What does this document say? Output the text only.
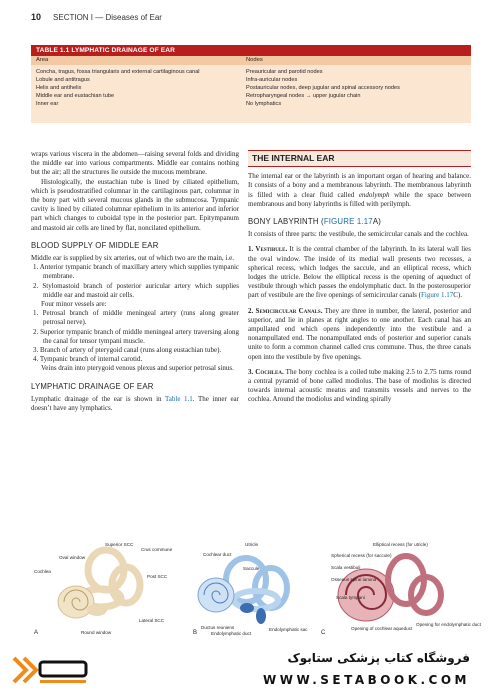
10 SECTION I — Diseases of Ear
TABLE 1.1 LYMPHATIC DRAINAGE OF EAR
Area	Nodes
Concha, tragus, fossa triangularis and external cartilaginous canal	Preauricular and parotid nodes
Lobule and antitragus	Infra-auricular nodes
Helix and antihelix	Postauricular nodes, deep jugular and spinal accessory nodes
Middle ear and eustachian tube	Retropharyngeal nodes → upper jugular chain
Inner ear	No lymphatics

wraps various viscera in the abdomen—raising several folds and dividing the middle ear into various compartments. Middle ear contains nothing but the air; all the structures lie outside the mucous membrane.

Histologically, the eustachian tube is lined by ciliated epithelium, which is pseudostratified columnar in the cartilaginous part, columnar in the bony part with several mucous glands in the submucosa. Tympanic cavity is lined by ciliated columnar epithelium in its anterior and inferior part which changes to cuboidal type in the posterior part. Epitympanum and mastoid air cells are lined by flat, noncilated epithelium.

BLOOD SUPPLY OF MIDDLE EAR

Middle ear is supplied by six arteries, out of which two are the main, i.e.

1. Anterior tympanic branch of maxillary artery which supplies tympanic membrane.

2. Stylomastoid branch of posterior auricular artery which supplies middle ear and mastoid air cells.

Four minor vessels are:

1. Petrosal branch of middle meningeal artery (runs along greater petrosal nerve).

2. Superior tympanic branch of middle meningeal artery traversing along the canal for tensor tympani muscle.

3. Branch of artery of pterygoid canal (runs along eustachian tube).

4. Tympanic branch of internal carotid.

Veins drain into pterygoid venous plexus and superior petrosal sinus.

LYMPHATIC DRAINAGE OF EAR

Lymphatic drainage of the ear is shown in Table 1.1. The inner ear doesn’t have any lymphatics.

THE INTERNAL EAR

The internal ear or the labyrinth is an important organ of hearing and balance. It consists of a bony and a membranous labyrinth. The membranous labyrinth is filled with a clear fluid called endolymph while the space between membranous and bony labyrinths is filled with perilymph.

BONY LABYRINTH (FIGURE 1.17A)

It consists of three parts: the vestibule, the semicircular canals and the cochlea.

1. Vestibule. It is the central chamber of the labyrinth. In its lateral wall lies the oval window. The inside of its medial wall presents two recesses, a spherical recess, which lodges the saccule, and an elliptical recess, which lodges the utricle. Below the elliptical recess is the opening of aqueduct of vestibule through which passes the endolymphatic duct. In the posterosuperior part of vestibule are the five openings of semicircular canals (Figure 1.17C).

2. Semicircular Canals. They are three in number, the lateral, posterior and superior, and lie in planes at right angles to one another. Each canal has an ampullated end which opens independently into the vestibule and a nonampullated end. The nonampullated ends of posterior and superior canals unite to form a common channel called crus commune. Thus, the three canals open into the vestibule by five openings.

3. Cochlea. The bony cochlea is a coiled tube making 2.5 to 2.75 turns round a central pyramid of bone called modiolus. The base of modiolus is directed towards internal acoustic meatus and transmits vessels and nerves to the cochlea. Around the modiolus and winding spirally

Superior SCC
Crus commune
Oval window
Post SCC
Cochlea
Lateral SCC
Round window
A
Utricle
Cochlear duct
Saccule
Ductus reuniens
Endolymphatic duct
Endolymphatic sac
B
Elliptical recess (for utricle)
Spherical recess (for saccule)
Scala vestibuli
Osseous spiral lamina
Scala tympani
Opening of cochlear aqueduct
Opening for endolymphatic duct
C
فروشگاه کتاب پزشکی ستابوک
WWW.SETABOOK.COM
